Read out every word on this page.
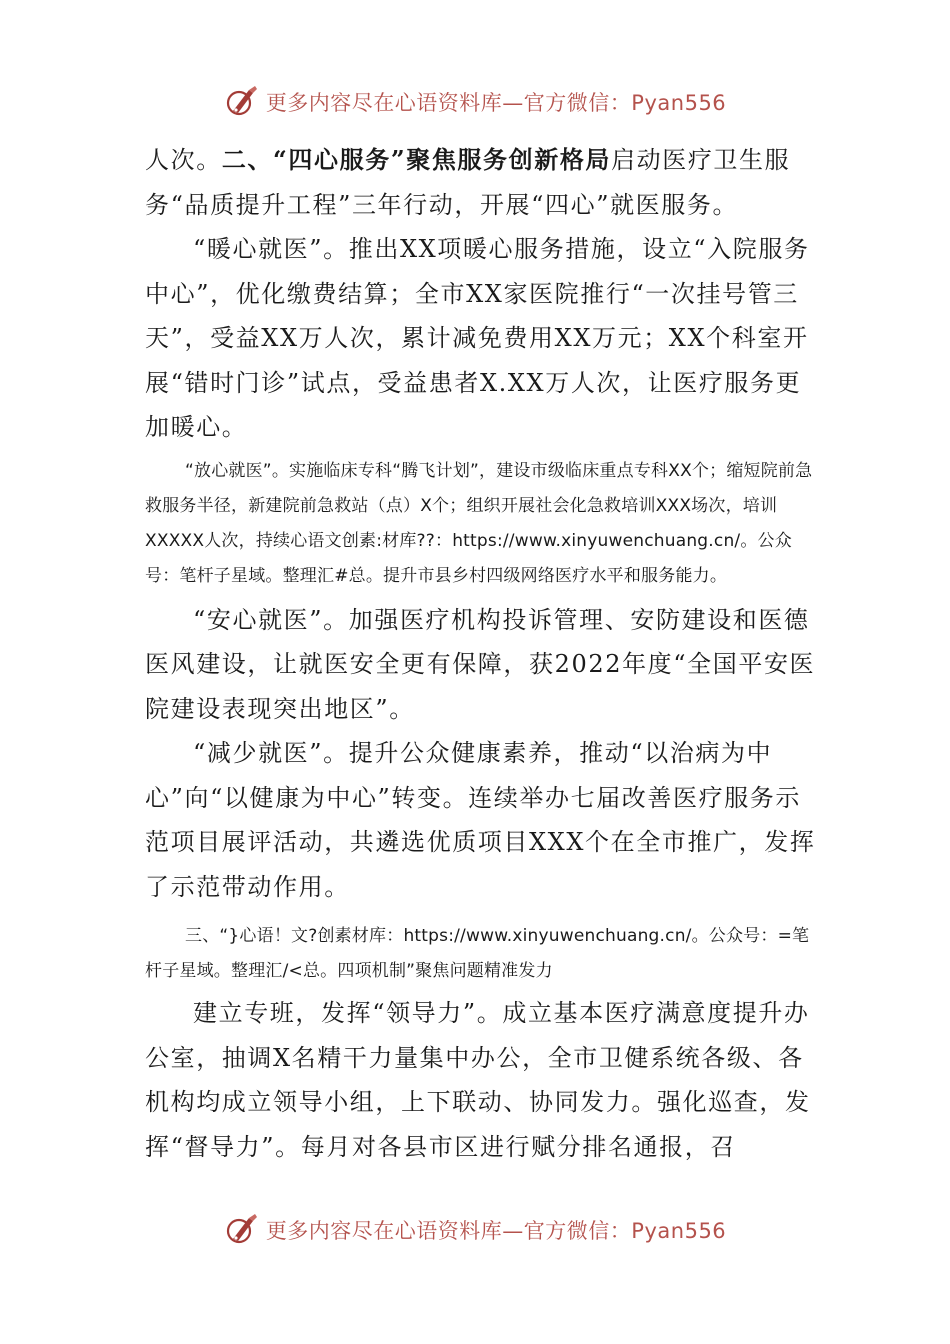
更多内容尽在心语资料库—官方微信：Pyan556

人次。二、“四心服务”聚焦服务创新格局启动医疗卫生服务“品质提升工程”三年行动，开展“四心”就医服务。

“暖心就医”。推出XX项暖心服务措施，设立“入院服务中心”，优化缴费结算；全市XX家医院推行“一次挂号管三天”，受益XX万人次，累计减免费用XX万元；XX个科室开展“错时门诊”试点，受益患者X.XX万人次，让医疗服务更加暖心。

“放心就医”。实施临床专科“腾飞计划”，建设市级临床重点专科XX个；缩短院前急救服务半径，新建院前急救站（点）X个；组织开展社会化急救培训XXX场次，培训XXXXX人次，持续心语文创素:材库??：https://www.xinyuwenchuang.cn/。公众号：笔杆子星域。整理汇#总。提升市县乡村四级网络医疗水平和服务能力。

“安心就医”。加强医疗机构投诉管理、安防建设和医德医风建设，让就医安全更有保障，获2022年度“全国平安医院建设表现突出地区”。

“减少就医”。提升公众健康素养，推动“以治病为中心”向“以健康为中心”转变。连续举办七届改善医疗服务示范项目展评活动，共遴选优质项目XXX个在全市推广，发挥了示范带动作用。

三、“}心语！文?创素材库：https://www.xinyuwenchuang.cn/。公众号：=笔杆子星域。整理汇/<总。四项机制”聚焦问题精准发力

建立专班，发挥“领导力”。成立基本医疗满意度提升办公室，抽调X名精干力量集中办公，全市卫健系统各级、各机构均成立领导小组，上下联动、协同发力。强化巡查，发挥“督导力”。每月对各县市区进行赋分排名通报，召

更多内容尽在心语资料库—官方微信：Pyan556
